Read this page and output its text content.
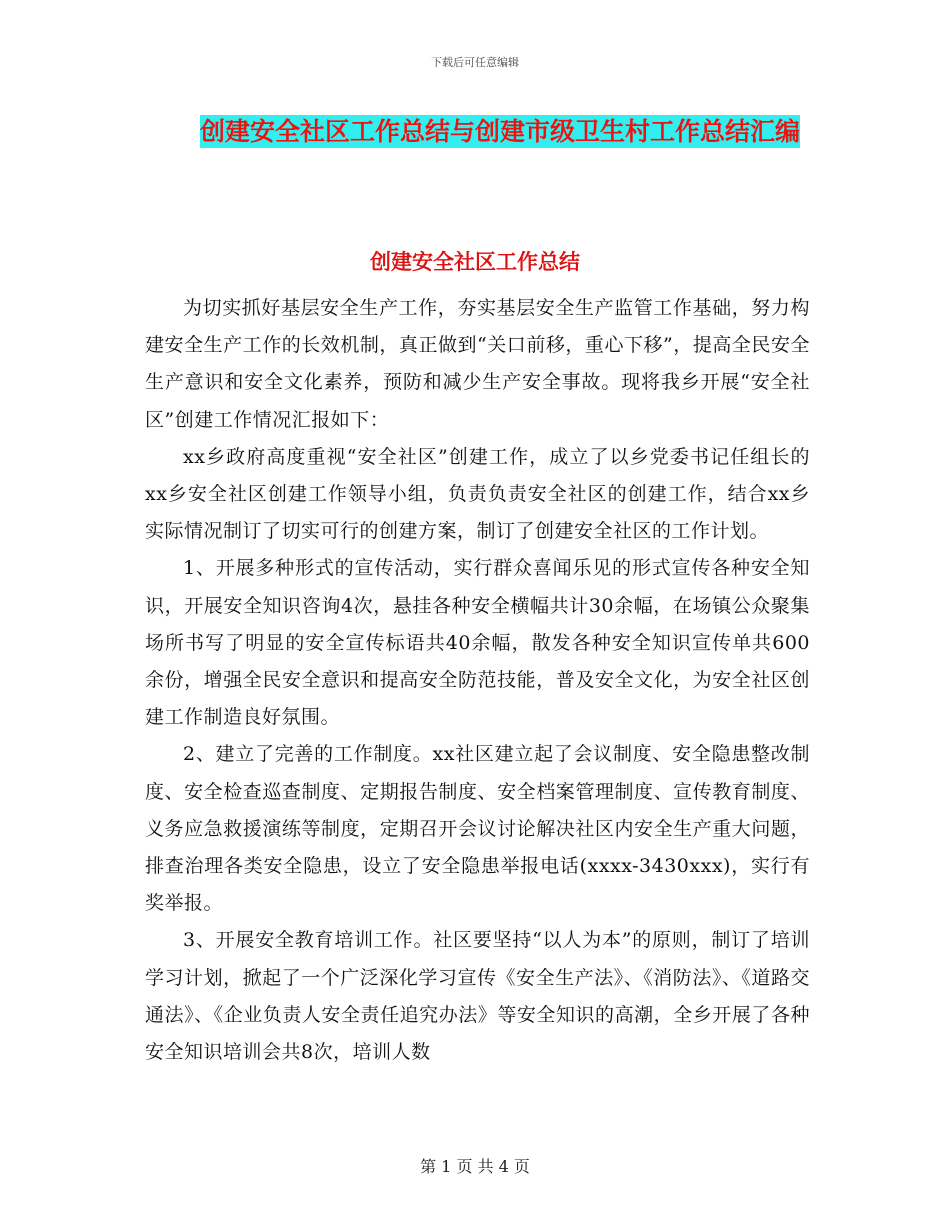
下载后可任意编辑
创建安全社区工作总结与创建市级卫生村工作总结汇编
创建安全社区工作总结

为切实抓好基层安全生产工作，夯实基层安全生产监管工作基础，努力构建安全生产工作的长效机制，真正做到“关口前移，重心下移”，提高全民安全生产意识和安全文化素养，预防和减少生产安全事故。现将我乡开展“安全社区”创建工作情况汇报如下：

xx乡政府高度重视“安全社区”创建工作，成立了以乡党委书记任组长的xx乡安全社区创建工作领导小组，负责负责安全社区的创建工作，结合xx乡实际情况制订了切实可行的创建方案，制订了创建安全社区的工作计划。

1、开展多种形式的宣传活动，实行群众喜闻乐见的形式宣传各种安全知识，开展安全知识咨询4次，悬挂各种安全横幅共计30余幅，在场镇公众聚集场所书写了明显的安全宣传标语共40余幅，散发各种安全知识宣传单共600余份，增强全民安全意识和提高安全防范技能，普及安全文化，为安全社区创建工作制造良好氛围。

2、建立了完善的工作制度。xx社区建立起了会议制度、安全隐患整改制度、安全检查巡查制度、定期报告制度、安全档案管理制度、宣传教育制度、义务应急救援演练等制度，定期召开会议讨论解决社区内安全生产重大问题，排查治理各类安全隐患，设立了安全隐患举报电话(xxxx-3430xxx)，实行有奖举报。

3、开展安全教育培训工作。社区要坚持“以人为本”的原则，制订了培训学习计划，掀起了一个广泛深化学习宣传《安全生产法》、《消防法》、《道路交通法》、《企业负责人安全责任追究办法》等安全知识的高潮，全乡开展了各种安全知识培训会共8次，培训人数

第 1 页 共 4 页
